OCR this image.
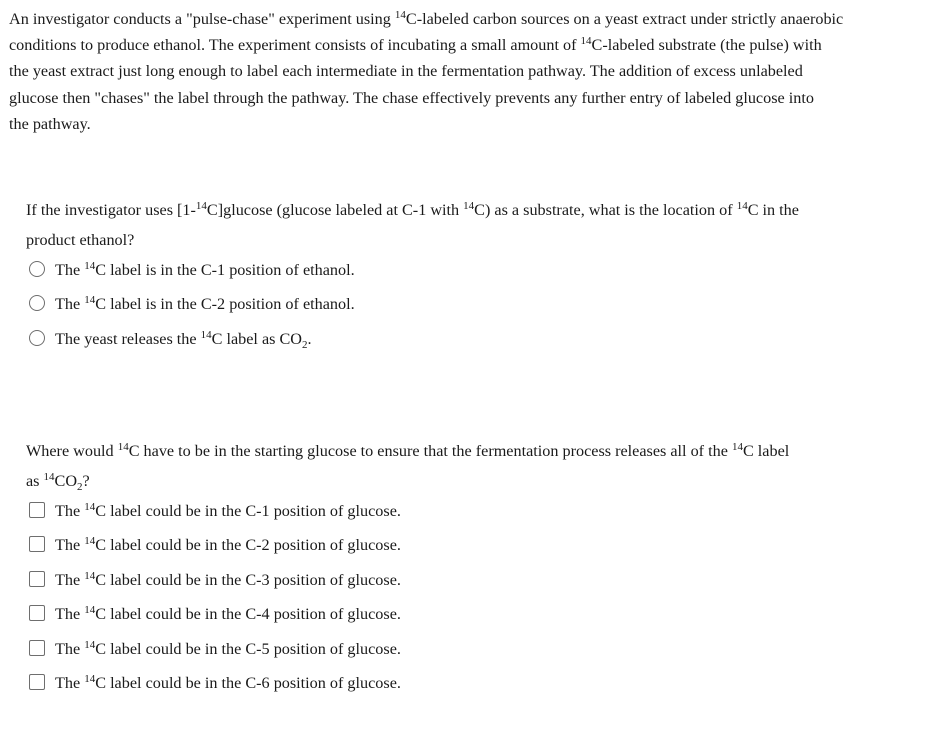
An investigator conducts a "pulse-chase" experiment using $^{14}$C-labeled carbon sources on a yeast extract under strictly anaerobic
conditions to produce ethanol. The experiment consists of incubating a small amount of $^{14}$C-labeled substrate (the pulse) with
the yeast extract just long enough to label each intermediate in the fermentation pathway. The addition of excess unlabeled
glucose then "chases" the label through the pathway. The chase effectively prevents any further entry of labeled glucose into
the pathway.
If the investigator uses [1-$^{14}$C]glucose (glucose labeled at C-1 with $^{14}$C) as a substrate, what is the location of $^{14}$C in the
product ethanol?
The $^{14}$C label is in the C-1 position of ethanol.
The $^{14}$C label is in the C-2 position of ethanol.
The yeast releases the $^{14}$C label as $CO_2$.
Where would $^{14}$C have to be in the starting glucose to ensure that the fermentation process releases all of the $^{14}$C label
as $^{14}CO_2$?
The $^{14}$C label could be in the C-1 position of glucose.
The $^{14}$C label could be in the C-2 position of glucose.
The $^{14}$C label could be in the C-3 position of glucose.
The $^{14}$C label could be in the C-4 position of glucose.
The $^{14}$C label could be in the C-5 position of glucose.
The $^{14}$C label could be in the C-6 position of glucose.
